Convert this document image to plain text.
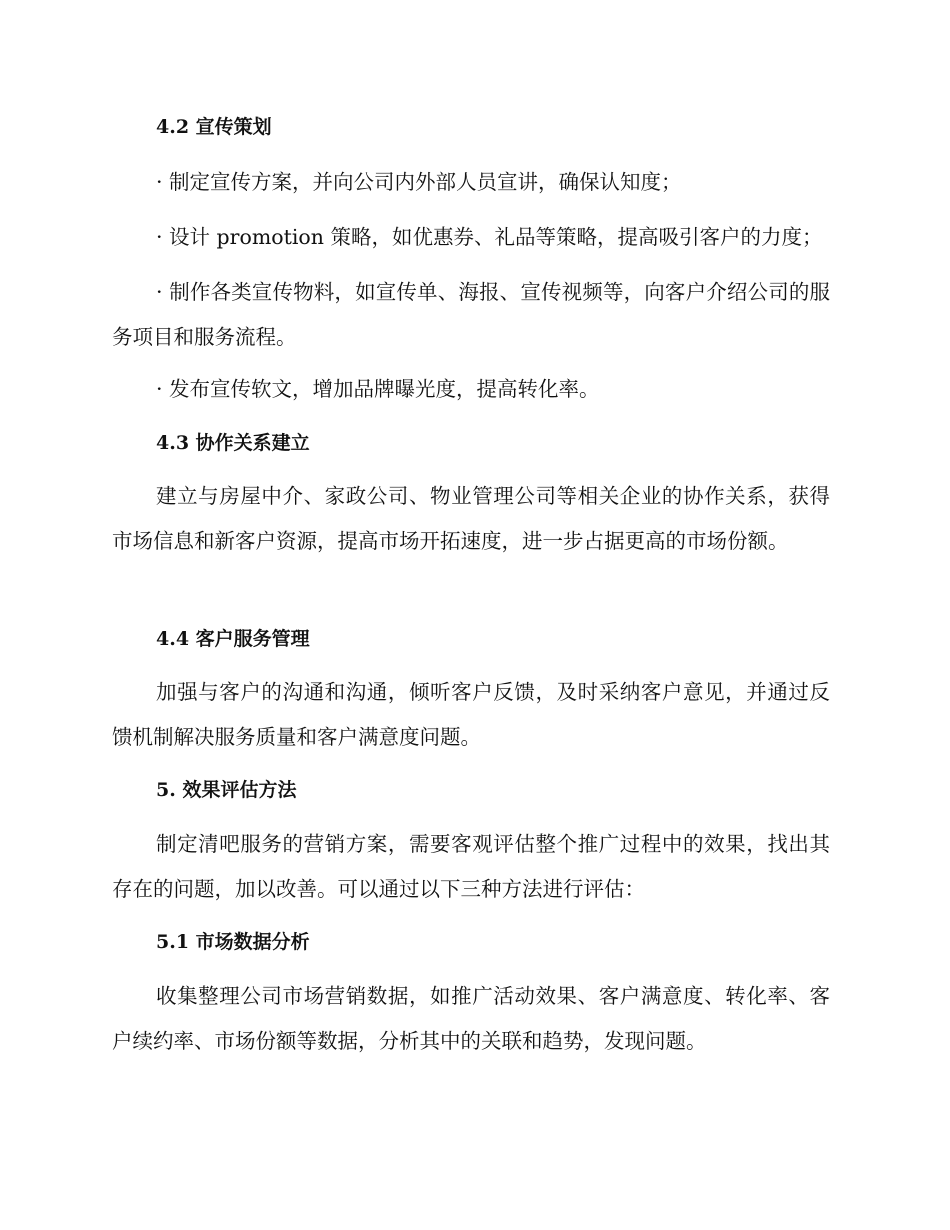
4.2 宣传策划
· 制定宣传方案，并向公司内外部人员宣讲，确保认知度；
· 设计 promotion 策略，如优惠券、礼品等策略，提高吸引客户的力度；

· 制作各类宣传物料，如宣传单、海报、宣传视频等，向客户介绍公司的服务项目和服务流程。

· 发布宣传软文，增加品牌曝光度，提高转化率。
4.3 协作关系建立

建立与房屋中介、家政公司、物业管理公司等相关企业的协作关系，获得市场信息和新客户资源，提高市场开拓速度，进一步占据更高的市场份额。

4.4 客户服务管理

加强与客户的沟通和沟通，倾听客户反馈，及时采纳客户意见，并通过反馈机制解决服务质量和客户满意度问题。

5. 效果评估方法

制定清吧服务的营销方案，需要客观评估整个推广过程中的效果，找出其存在的问题，加以改善。可以通过以下三种方法进行评估：

5.1 市场数据分析

收集整理公司市场营销数据，如推广活动效果、客户满意度、转化率、客户续约率、市场份额等数据，分析其中的关联和趋势，发现问题。
